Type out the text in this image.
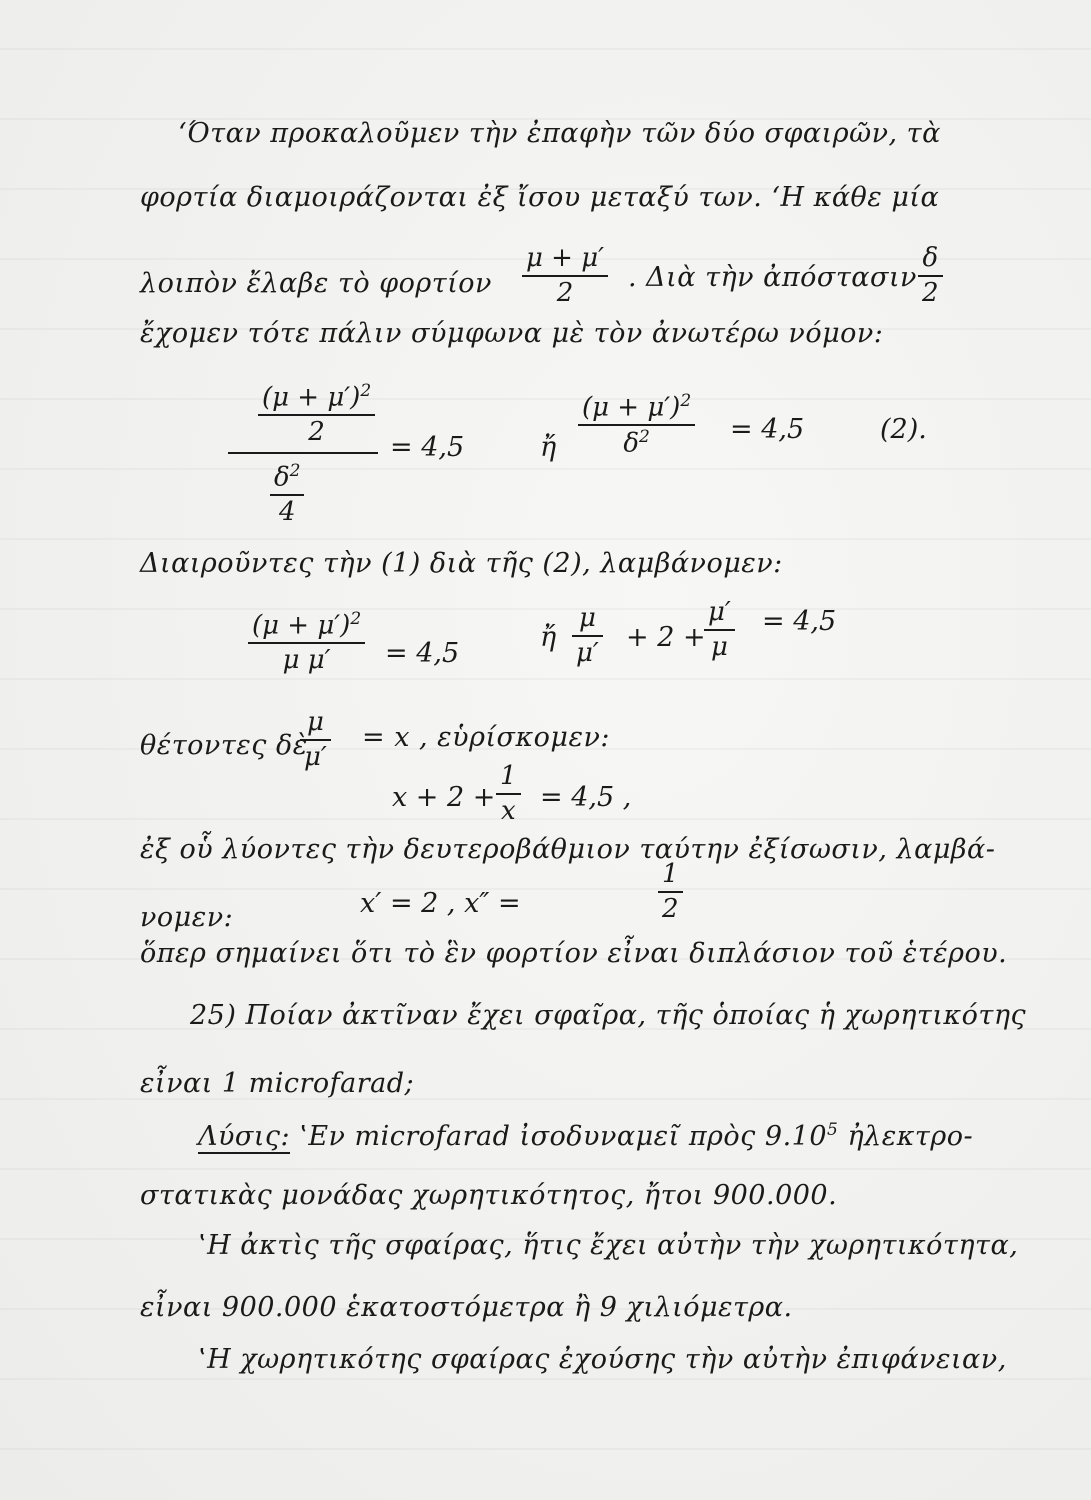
‘Όταν προκαλοῦμεν τὴν ἐπαφὴν τῶν δύο σφαιρῶν, τὰ
φορτία διαμοιράζονται ἐξ ἴσου μεταξύ των. ‘Η κάθε μία
λοιπὸν ἔλαβε τὸ φορτίον
μ + μ′
2 . Διὰ τὴν ἀπόστασιν
δ
2
ἔχομεν τότε πάλιν σύμφωνα μὲ τὸν ἀνωτέρω νόμον:
$(\mu + \mu')^2$
2
$\delta^2$
4
= 4,5	ἤ
$(\mu + \mu')^2$
$\delta^2$	= 4,5	(2).
Διαιροῦντες τὴν (1) διὰ τῆς (2), λαμβάνομεν:
$(\mu + \mu')^2$
μ μ′ = 4,5
ἤ
μ
μ′ + 2 +
μ′
μ
= 4,5
θέτοντες δὲ
μ
μ′
= x , εὑρίσκομεν:
x + 2 +
1
x = 4,5 ,
ἐξ οὗ λύοντες τὴν δευτεροβάθμιον ταύτην ἐξίσωσιν, λαμβά-
νομεν:	x′ = 2 , x″ =
1
2
ὅπερ σημαίνει ὅτι τὸ ἓν φορτίον εἶναι διπλάσιον τοῦ ἑτέρου.
25) Ποίαν ἀκτῖναν ἔχει σφαῖρα, τῆς ὁποίας ἡ χωρητικότης
εἶναι 1 microfarad;
Λύσις: ‛Εν microfarad ἰσοδυναμεῖ πρὸς 9.10$^5$ ἠλεκτρο-
στατικὰς μονάδας χωρητικότητος, ἤτοι 900.000.
‛Η ἀκτὶς τῆς σφαίρας, ἥτις ἔχει αὐτὴν τὴν χωρητικότητα,
εἶναι 900.000 ἑκατοστόμετρα ἢ 9 χιλιόμετρα.
‛Η χωρητικότης σφαίρας ἐχούσης τὴν αὐτὴν ἐπιφάνειαν,
